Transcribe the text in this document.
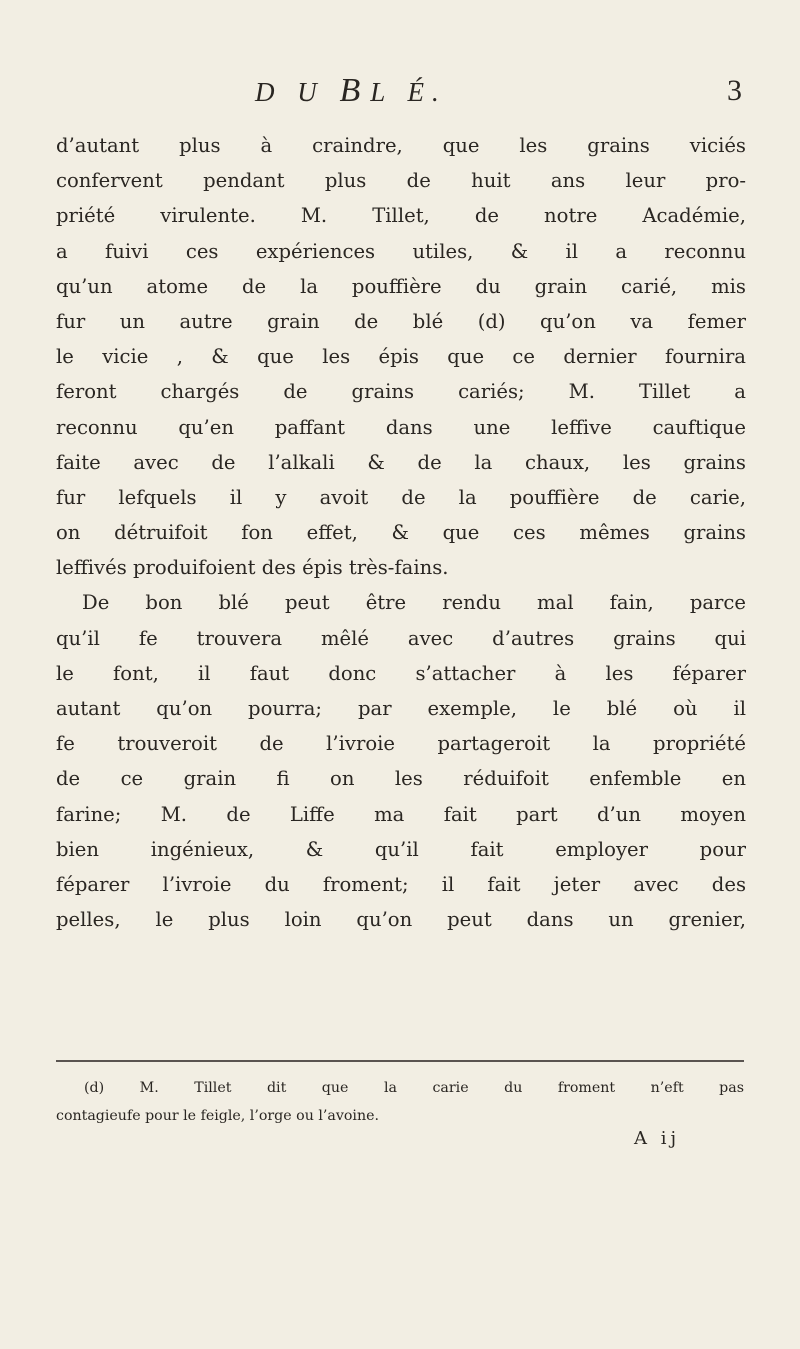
D U BL É.	3
d’autant plus à craindre, que les grains viciés
confervent pendant plus de huit ans leur pro-
priété virulente. M. Tillet, de notre Académie,
a fuivi ces expériences utiles, & il a reconnu
qu’un atome de la pouffière du grain carié, mis
fur un autre grain de blé (d) qu’on va femer
le vicie , & que les épis que ce dernier fournira
feront chargés de grains cariés; M. Tillet a
reconnu qu’en paffant dans une leffive cauftique
faite avec de l’alkali & de la chaux, les grains
fur lefquels il y avoit de la pouffière de carie,
on détruifoit fon effet, & que ces mêmes grains
leffivés produifoient des épis très-fains.
De bon blé peut être rendu mal fain, parce
qu’il fe trouvera mêlé avec d’autres grains qui
le font, il faut donc s’attacher à les féparer
autant qu’on pourra; par exemple, le blé où il
fe trouveroit de l’ivroie partageroit la propriété
de ce grain fi on les réduifoit enfemble en
farine; M. de Liffe ma fait part d’un moyen
bien ingénieux, & qu’il fait employer pour
féparer l’ivroie du froment; il fait jeter avec des
pelles, le plus loin qu’on peut dans un grenier,
(d) M. Tillet dit que la carie du froment n’eft pas
contagieufe pour le feigle, l’orge ou l’avoine.
A ij
